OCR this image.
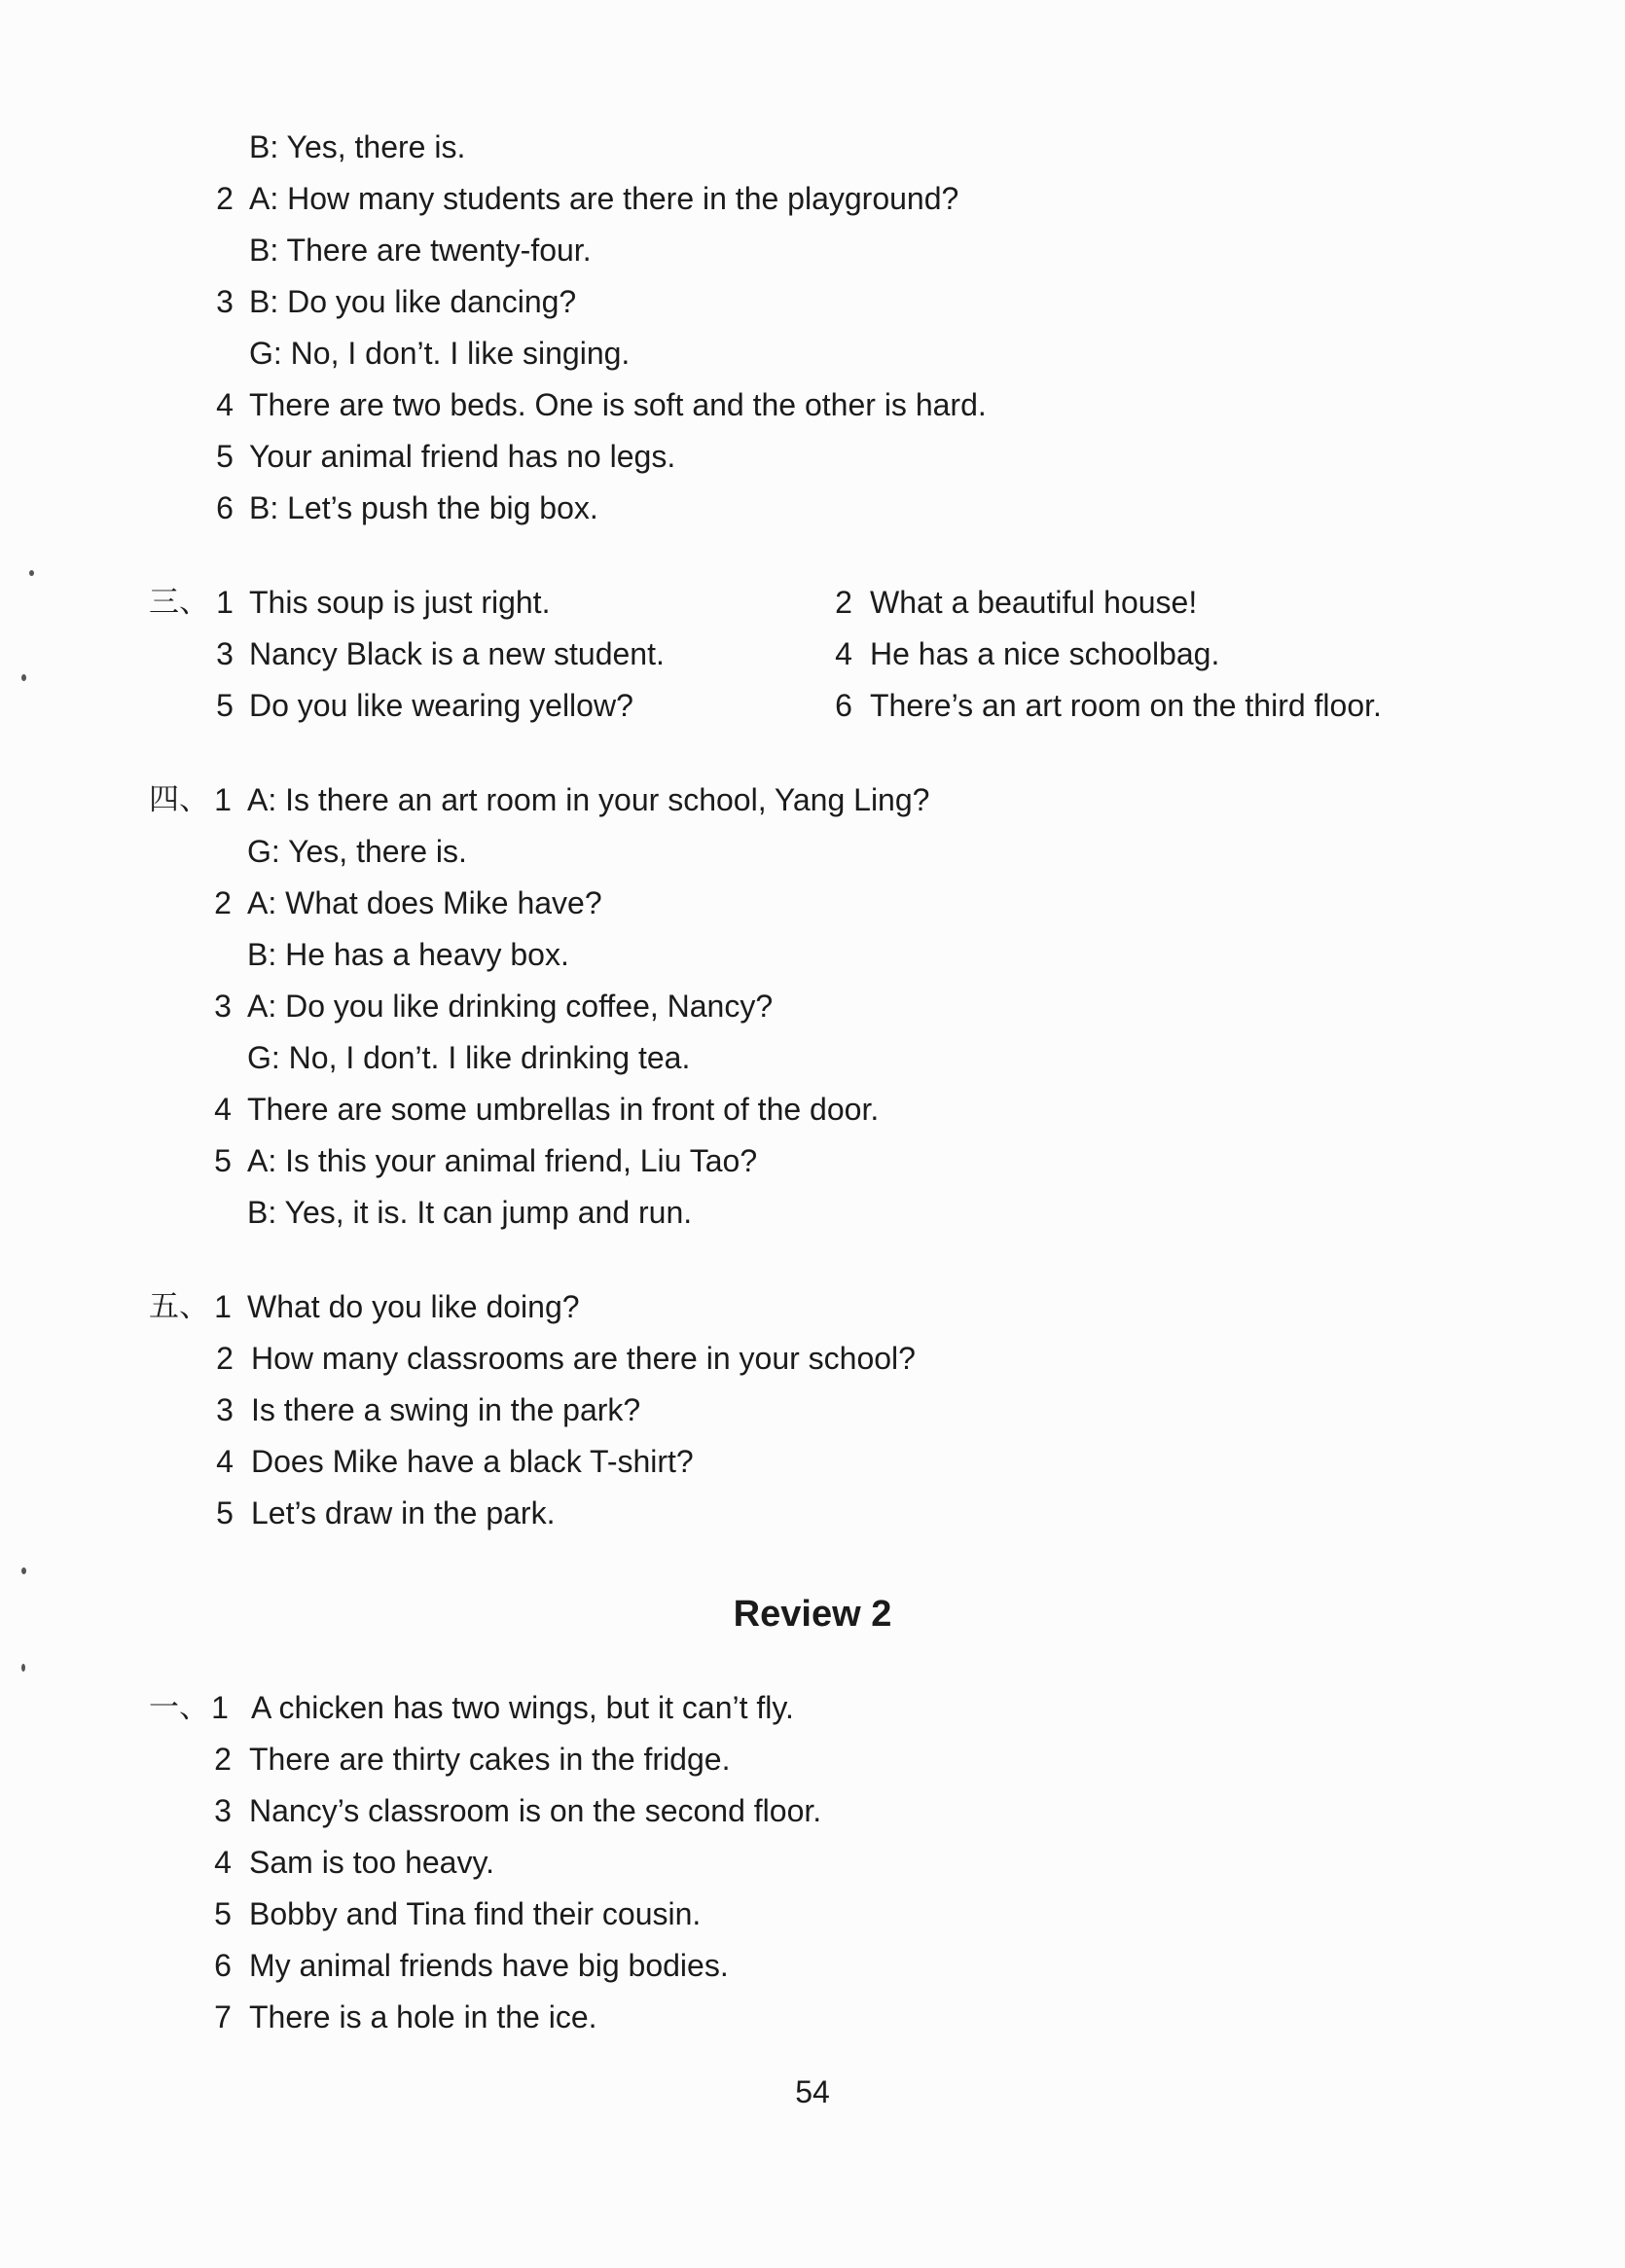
B: Yes, there is.
2 A: How many students are there in the playground?
B: There are twenty-four.
3 B: Do you like dancing?
G: No, I don’t. I like singing.
4 There are two beds. One is soft and the other is hard.
5 Your animal friend has no legs.
6 B: Let’s push the big box.
三、 1 This soup is just right.	2 What a beautiful house!
3 Nancy Black is a new student.	4 He has a nice schoolbag.
5 Do you like wearing yellow?	6 There’s an art room on the third floor.
四、 1 A: Is there an art room in your school, Yang Ling?
G: Yes, there is.
2 A: What does Mike have?
B: He has a heavy box.
3 A: Do you like drinking coffee, Nancy?
G: No, I don’t. I like drinking tea.
4 There are some umbrellas in front of the door.
5 A: Is this your animal friend, Liu Tao?
B: Yes, it is. It can jump and run.
五、 1 What do you like doing?
2 How many classrooms are there in your school?
3 Is there a swing in the park?
4 Does Mike have a black T-shirt?
5 Let’s draw in the park.
Review 2
一、 1 A chicken has two wings, but it can’t fly.
2 There are thirty cakes in the fridge.
3 Nancy’s classroom is on the second floor.
4 Sam is too heavy.
5 Bobby and Tina find their cousin.
6 My animal friends have big bodies.
7 There is a hole in the ice.
54
